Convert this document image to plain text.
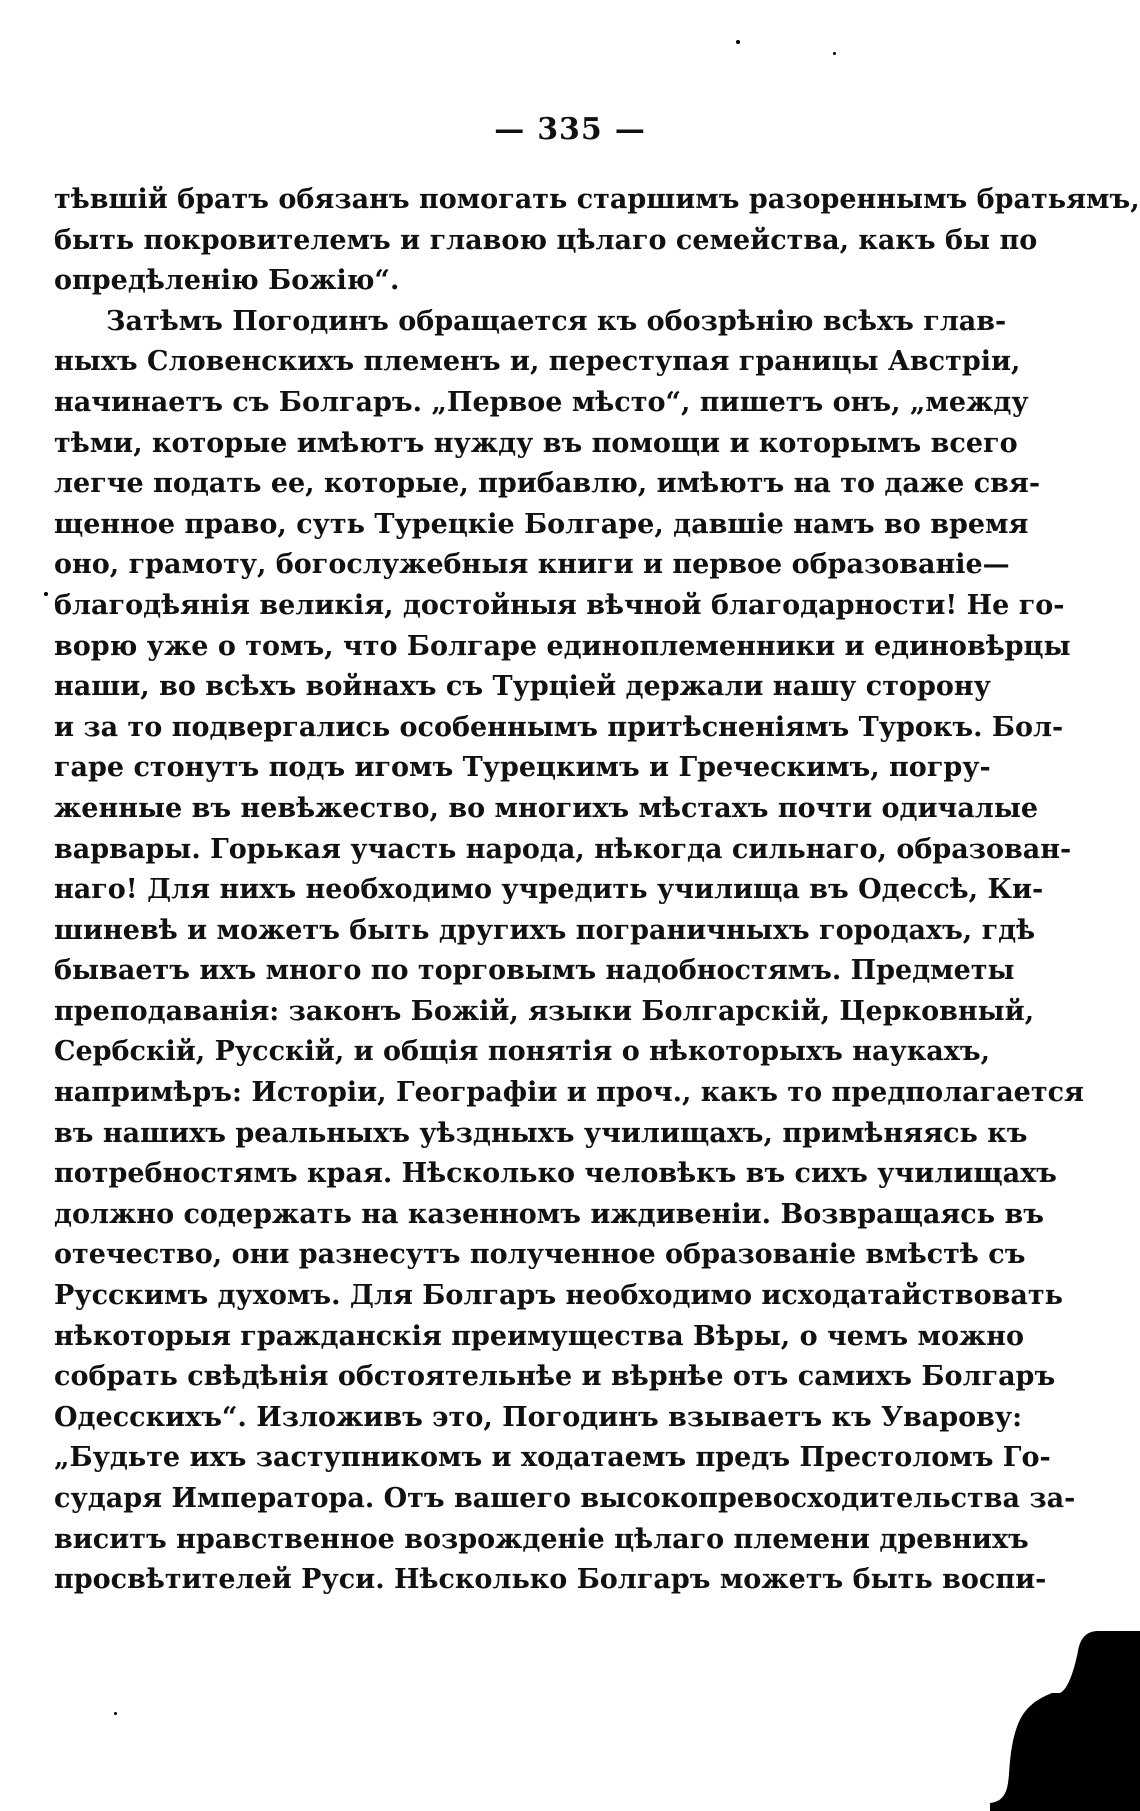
— 335 —
тѣвшій братъ обязанъ помогать старшимъ разореннымъ братьямъ,
быть покровителемъ и главою цѣлаго семейства, какъ бы по
опредѣленію Божію“.
Затѣмъ Погодинъ обращается къ обозрѣнію всѣхъ глав-
ныхъ Словенскихъ племенъ и, переступая границы Австріи,
начинаетъ съ Болгаръ. „Первое мѣсто“, пишетъ онъ, „между
тѣми, которые имѣютъ нужду въ помощи и которымъ всего
легче подать ее, которые, прибавлю, имѣютъ на то даже свя-
щенное право, суть Турецкіе Болгаре, давшіе намъ во время
оно, грамоту, богослужебныя книги и первое образованіе—
благодѣянія великія, достойныя вѣчной благодарности! Не го-
ворю уже о томъ, что Болгаре единоплеменники и единовѣрцы
наши, во всѣхъ войнахъ съ Турціей держали нашу сторону
и за то подвергались особеннымъ притѣсненіямъ Турокъ. Бол-
гаре стонутъ подъ игомъ Турецкимъ и Греческимъ, погру-
женные въ невѣжество, во многихъ мѣстахъ почти одичалые
варвары. Горькая участь народа, нѣкогда сильнаго, образован-
наго! Для нихъ необходимо учредить училища въ Одессѣ, Ки-
шиневѣ и можетъ быть другихъ пограничныхъ городахъ, гдѣ
бываетъ ихъ много по торговымъ надобностямъ. Предметы
преподаванія: законъ Божій, языки Болгарскій, Церковный,
Сербскій, Русскій, и общія понятія о нѣкоторыхъ наукахъ,
напримѣръ: Исторіи, Географіи и проч., какъ то предполагается
въ нашихъ реальныхъ уѣздныхъ училищахъ, примѣняясь къ
потребностямъ края. Нѣсколько человѣкъ въ сихъ училищахъ
должно содержать на казенномъ иждивеніи. Возвращаясь въ
отечество, они разнесутъ полученное образованіе вмѣстѣ съ
Русскимъ духомъ. Для Болгаръ необходимо исходатайствовать
нѣкоторыя гражданскія преимущества Вѣры, о чемъ можно
собрать свѣдѣнія обстоятельнѣе и вѣрнѣе отъ самихъ Болгаръ
Одесскихъ“. Изложивъ это, Погодинъ взываетъ къ Уварову:
„Будьте ихъ заступникомъ и ходатаемъ предъ Престоломъ Го-
сударя Императора. Отъ вашего высокопревосходительства за-
виситъ нравственное возрожденіе цѣлаго племени древнихъ
просвѣтителей Руси. Нѣсколько Болгаръ можетъ быть воспи-
